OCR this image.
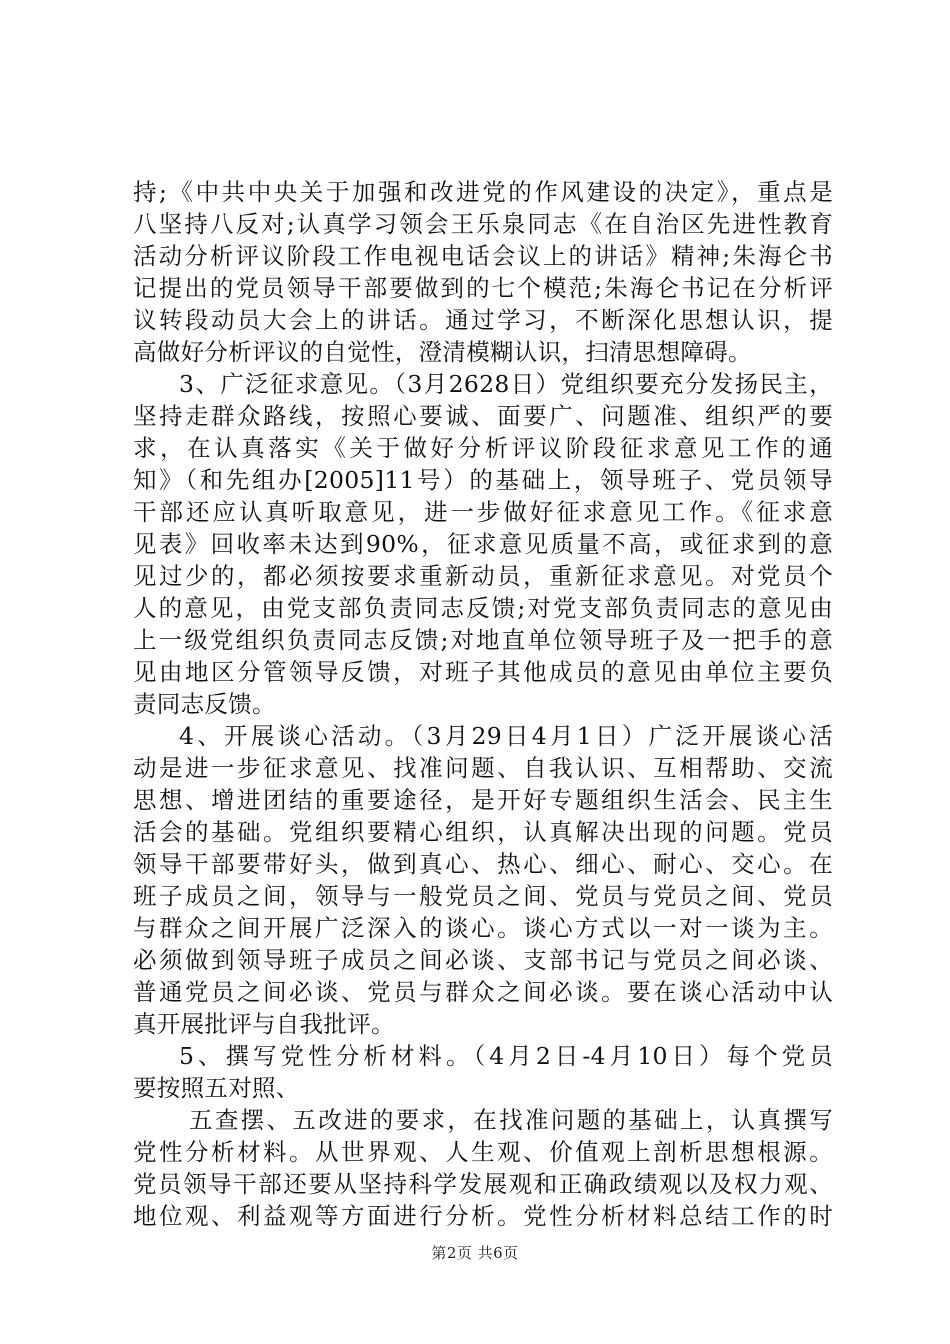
持;《中共中央关于加强和改进党的作风建设的决定》，重点是
八坚持八反对;认真学习领会王乐泉同志《在自治区先进性教育
活动分析评议阶段工作电视电话会议上的讲话》精神;朱海仑书
记提出的党员领导干部要做到的七个模范;朱海仑书记在分析评
议转段动员大会上的讲话。通过学习，不断深化思想认识，提
高做好分析评议的自觉性，澄清模糊认识，扫清思想障碍。
3、广泛征求意见。（3月2628日）党组织要充分发扬民主，
坚持走群众路线，按照心要诚、面要广、问题准、组织严的要
求，在认真落实《关于做好分析评议阶段征求意见工作的通
知》（和先组办[2005]11号）的基础上，领导班子、党员领导
干部还应认真听取意见，进一步做好征求意见工作。《征求意
见表》回收率未达到90%，征求意见质量不高，或征求到的意
见过少的，都必须按要求重新动员，重新征求意见。对党员个
人的意见，由党支部负责同志反馈;对党支部负责同志的意见由
上一级党组织负责同志反馈;对地直单位领导班子及一把手的意
见由地区分管领导反馈，对班子其他成员的意见由单位主要负
责同志反馈。
4、开展谈心活动。（3月29日4月1日）广泛开展谈心活
动是进一步征求意见、找准问题、自我认识、互相帮助、交流
思想、增进团结的重要途径，是开好专题组织生活会、民主生
活会的基础。党组织要精心组织，认真解决出现的问题。党员
领导干部要带好头，做到真心、热心、细心、耐心、交心。在
班子成员之间，领导与一般党员之间、党员与党员之间、党员
与群众之间开展广泛深入的谈心。谈心方式以一对一谈为主。
必须做到领导班子成员之间必谈、支部书记与党员之间必谈、
普通党员之间必谈、党员与群众之间必谈。要在谈心活动中认
真开展批评与自我批评。
5、撰写党性分析材料。（4月2日-4月10日）每个党员
要按照五对照、
五查摆、五改进的要求，在找准问题的基础上，认真撰写
党性分析材料。从世界观、人生观、价值观上剖析思想根源。
党员领导干部还要从坚持科学发展观和正确政绩观以及权力观、
地位观、利益观等方面进行分析。党性分析材料总结工作的时
第2页 共6页
